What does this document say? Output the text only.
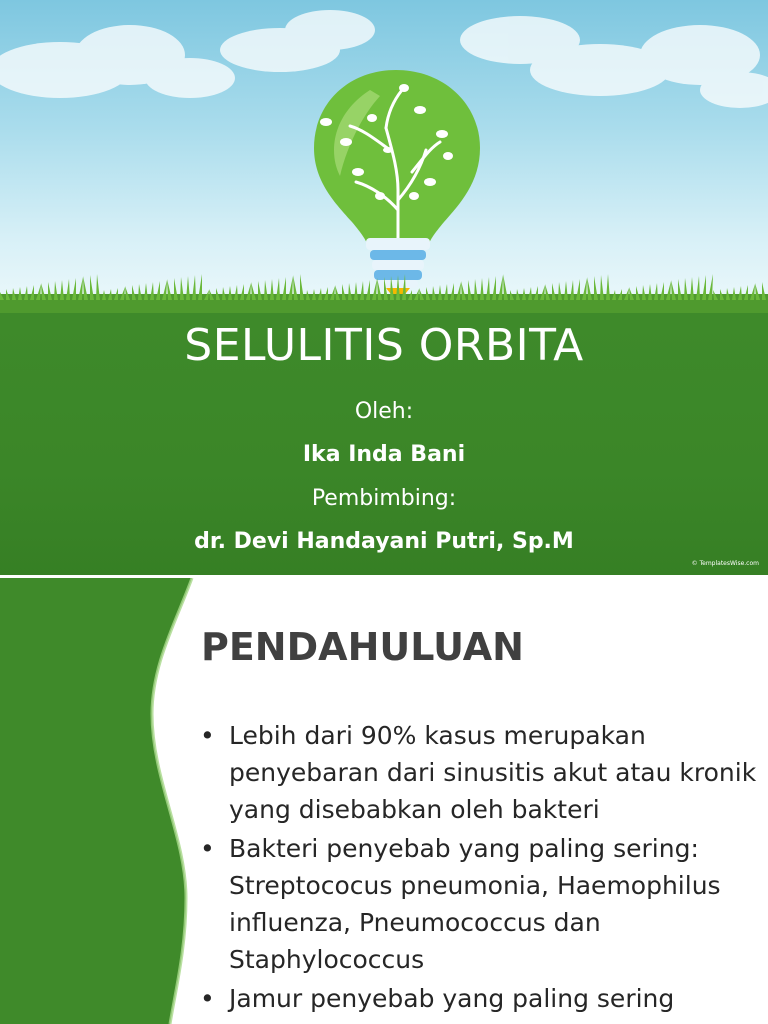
SELULITIS ORBITA
Oleh:
Ika Inda Bani
Pembimbing:
dr. Devi Handayani Putri, Sp.M
© TemplatesWise.com
PENDAHULUAN
• Lebih dari 90% kasus merupakan penyebaran dari sinusitis akut atau kronik yang disebabkan oleh bakteri
• Bakteri penyebab yang paling sering: Streptococus pneumonia, Haemophilus influenza, Pneumococcus dan Staphylococcus
• Jamur penyebab yang paling sering
